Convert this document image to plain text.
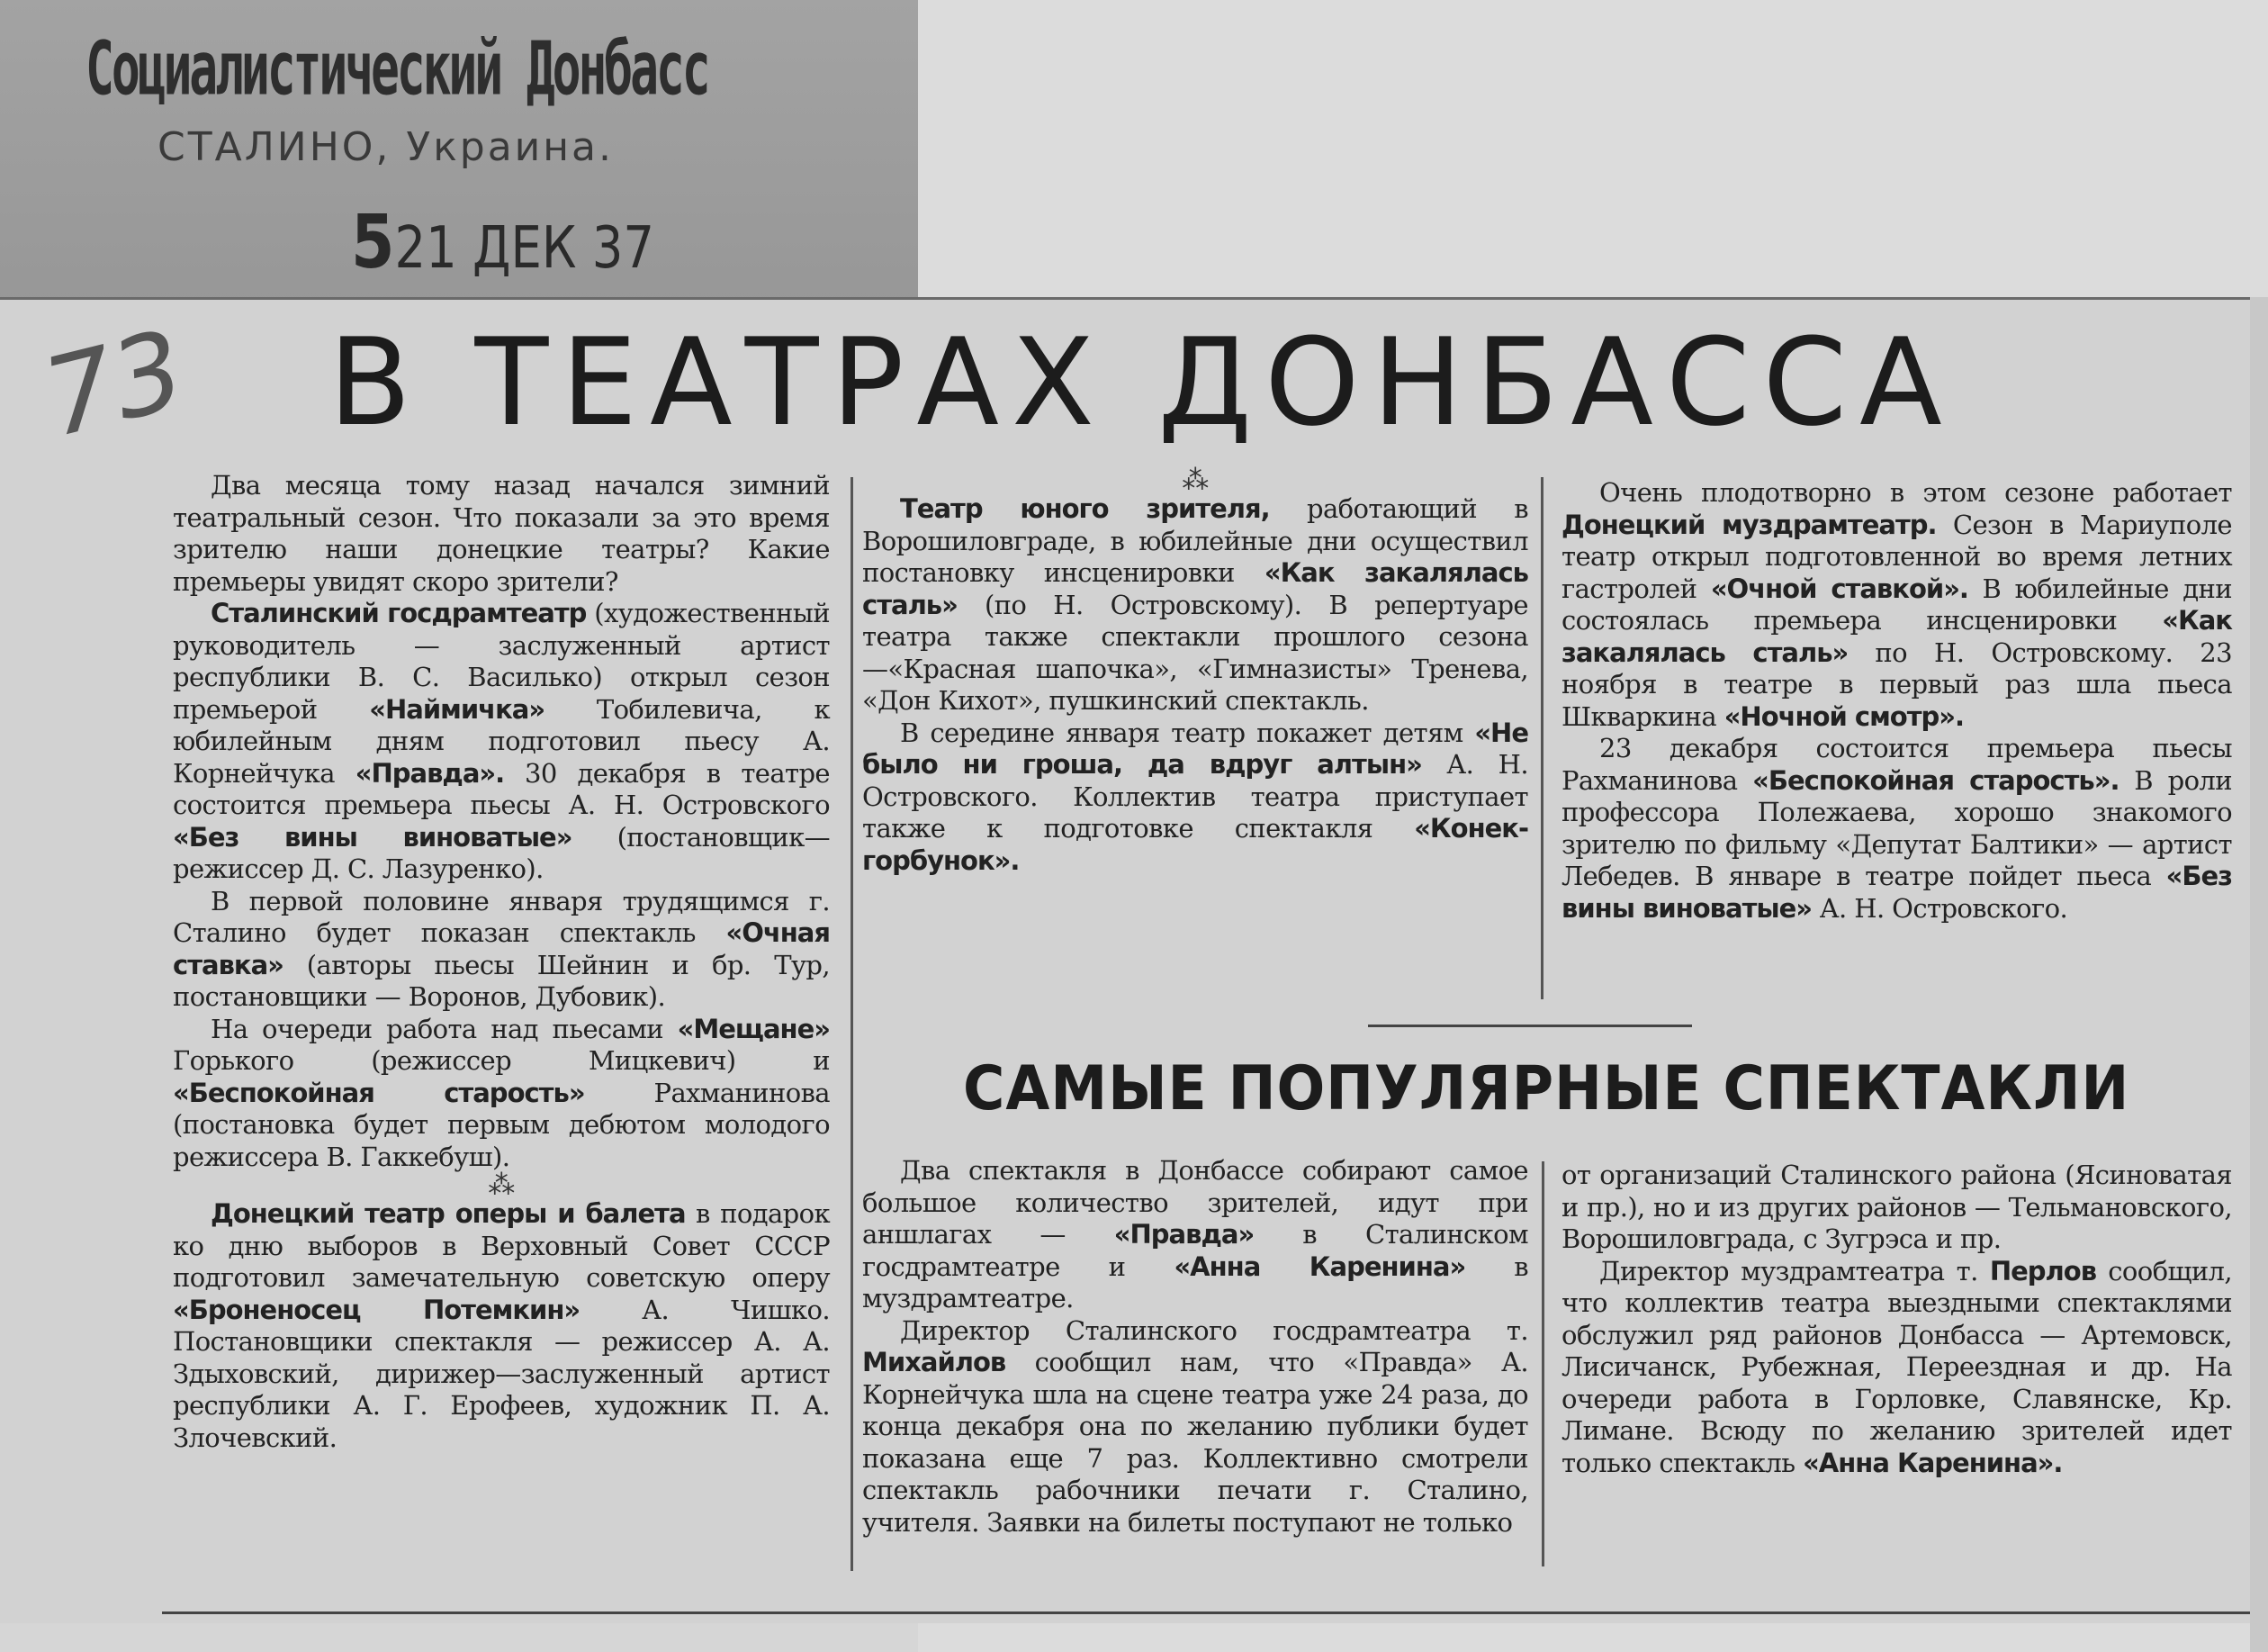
Социалистический Донбасс
СТАЛИНО, Украина.
521 ДЕК 37
73 В ТЕАТРАХ ДОНБАССА

Два месяца тому назад начался зимний театральный сезон. Что показали за это время зрителю наши донецкие театры? Какие премьеры увидят скоро зрители?

Сталинский госдрамтеатр (художественный руководитель — заслуженный артист республики В. С. Василько) открыл сезон премьерой «Наймичка» Тобилевича, к юбилейным дням подготовил пьесу А. Корнейчука «Правда». 30 декабря в театре состоится премьера пьесы А. Н. Островского «Без вины виноватые» (постановщик—режиссер Д. С. Лазуренко).

В первой половине января трудящимся г. Сталино будет показан спектакль «Очная ставка» (авторы пьесы Шейнин и бр. Тур, постановщики — Воронов, Дубовик).

На очереди работа над пьесами «Мещане» Горького (режиссер Мицкевич) и «Беспокойная старость»	Рахманинова (постановка будет первым дебютом молодого режиссера В. Гаккебуш).

⁂

Донецкий театр оперы и балета в подарок ко дню выборов в Верховный Совет СССР подготовил замечательную советскую оперу «Броненосец Потемкин» А. Чишко. Постановщики спектакля — режиссер А. А. Здыховский, дирижер—заслуженный артист республики А. Г. Ерофеев, художник П. А. Злочевский.

⁂

Театр юного зрителя, работающий в Ворошиловграде, в юбилейные дни осуществил постановку инсценировки «Как закалялась сталь» (по Н. Островскому). В репертуаре театра также спектакли прошлого сезона—«Красная шапочка», «Гимназисты» Тренева, «Дон Кихот», пушкинский спектакль.

В середине января театр покажет детям «Не было ни гроша, да вдруг алтын» А. Н. Островского. Коллектив театра приступает также к подготовке спектакля «Конек-горбунок».

Очень плодотворно в этом сезоне работает Донецкий муздрамтеатр. Сезон в Мариуполе театр открыл подготовленной во время летних гастролей «Очной ставкой». В юбилейные дни состоялась премьера инсценировки «Как закалялась сталь» по Н. Островскому. 23 ноября в театре в первый раз шла пьеса Шкваркина «Ночной смотр».

23 декабря состоится премьера пьесы Рахманинова «Беспокойная старость». В роли профессора Полежаева, хорошо знакомого зрителю по фильму «Депутат Балтики» — артист Лебедев. В январе в театре пойдет пьеса «Без вины виноватые» А. Н. Островского.

САМЫЕ ПОПУЛЯРНЫЕ СПЕКТАКЛИ

Два спектакля в Донбассе собирают самое большое количество зрителей, идут при аншлагах — «Правда» в Сталинском госдрамтеатре и «Анна Каренина» в муздрамтеатре.

Директор Сталинского госдрамтеатра т. Михайлов сообщил нам, что «Правда» А. Корнейчука шла на сцене театра уже 24 раза, до конца декабря она по желанию публики будет показана еще 7 раз. Коллективно смотрели спектакль рабочники печати г. Сталино, учителя. Заявки на билеты поступают не только

от организаций Сталинского района (Ясиноватая и пр.), но и из других районов — Тельмановского, Ворошиловграда, с Зугрэса и пр.

Директор муздрамтеатра т. Перлов сообщил, что коллектив театра выездными спектаклями обслужил ряд районов Донбасса — Артемовск, Лисичанск, Рубежная, Переездная и др. На очереди работа в Горловке, Славянске, Кр. Лимане. Всюду по желанию зрителей идет только спектакль «Анна Каренина».
